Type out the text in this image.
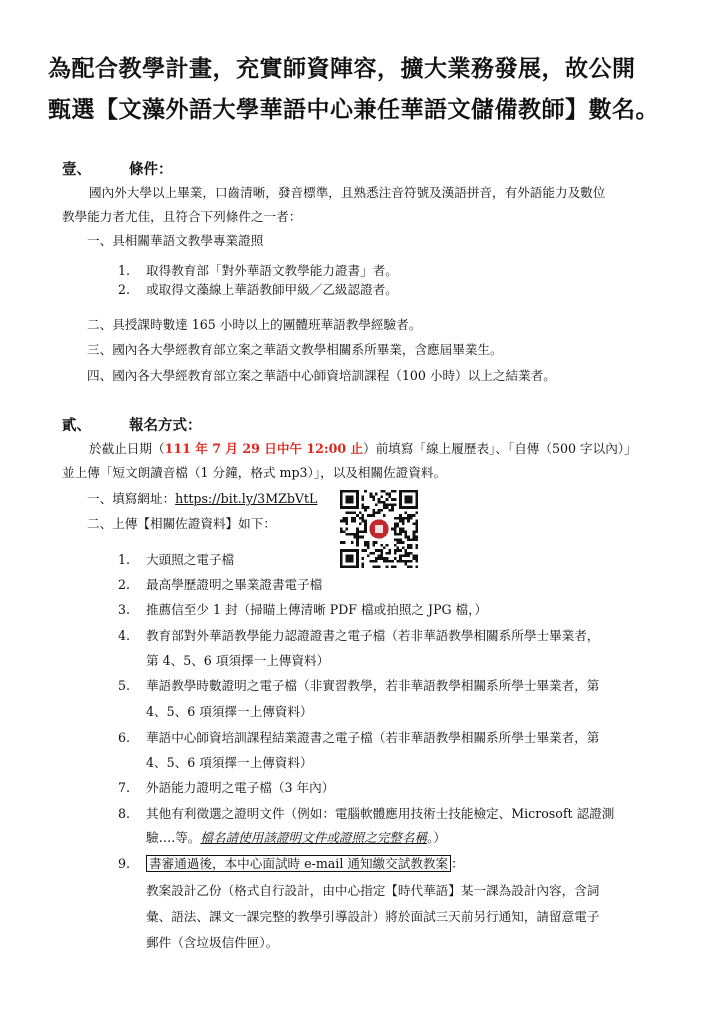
為配合教學計畫，充實師資陣容，擴大業務發展，故公開
甄選【文藻外語大學華語中心兼任華語文儲備教師】數名。
壹、	條件：
國內外大學以上畢業，口齒清晰，發音標準，且熟悉注音符號及漢語拼音，有外語能力及數位
教學能力者尤佳，且符合下列條件之一者：
一、具相關華語文教學專業證照
1. 取得教育部「對外華語文教學能力證書」者。
2. 或取得文藻線上華語教師甲級／乙級認證者。
二、具授課時數達 165 小時以上的團體班華語教學經驗者。
三、國內各大學經教育部立案之華語文教學相關系所畢業，含應屆畢業生。
四、國內各大學經教育部立案之華語中心師資培訓課程（100 小時）以上之結業者。
貳、	報名方式：
於截止日期（111 年 7 月 29 日中午 12:00 止）前填寫「線上履歷表」、「自傳（500 字以內）」
並上傳「短文朗讀音檔（1 分鐘，格式 mp3）」，以及相關佐證資料。
一、填寫網址：https://bit.ly/3MZbVtL
二、上傳【相關佐證資料】如下：
1. 大頭照之電子檔
2. 最高學歷證明之畢業證書電子檔
3. 推薦信至少 1 封（掃瞄上傳清晰 PDF 檔或拍照之 JPG 檔，）
4. 教育部對外華語教學能力認證證書之電子檔（若非華語教學相關系所學士畢業者，
第 4、5、6 項須擇一上傳資料）
5. 華語教學時數證明之電子檔（非實習教學，若非華語教學相關系所學士畢業者，第
4、5、6 項須擇一上傳資料）
6. 華語中心師資培訓課程結業證書之電子檔（若非華語教學相關系所學士畢業者，第
4、5、6 項須擇一上傳資料）
7. 外語能力證明之電子檔（3 年內）
8. 其他有利徵選之證明文件（例如：電腦軟體應用技術士技能檢定、Microsoft 認證測
驗….等。檔名請使用該證明文件或證照之完整名稱。）
9. 書審通過後，本中心面試時 e-mail 通知繳交試教教案 ：
教案設計乙份（格式自行設計，由中心指定【時代華語】某一課為設計內容，含詞
彙、語法、課文一課完整的教學引導設計）將於面試三天前另行通知，請留意電子
郵件（含垃圾信件匣）。
